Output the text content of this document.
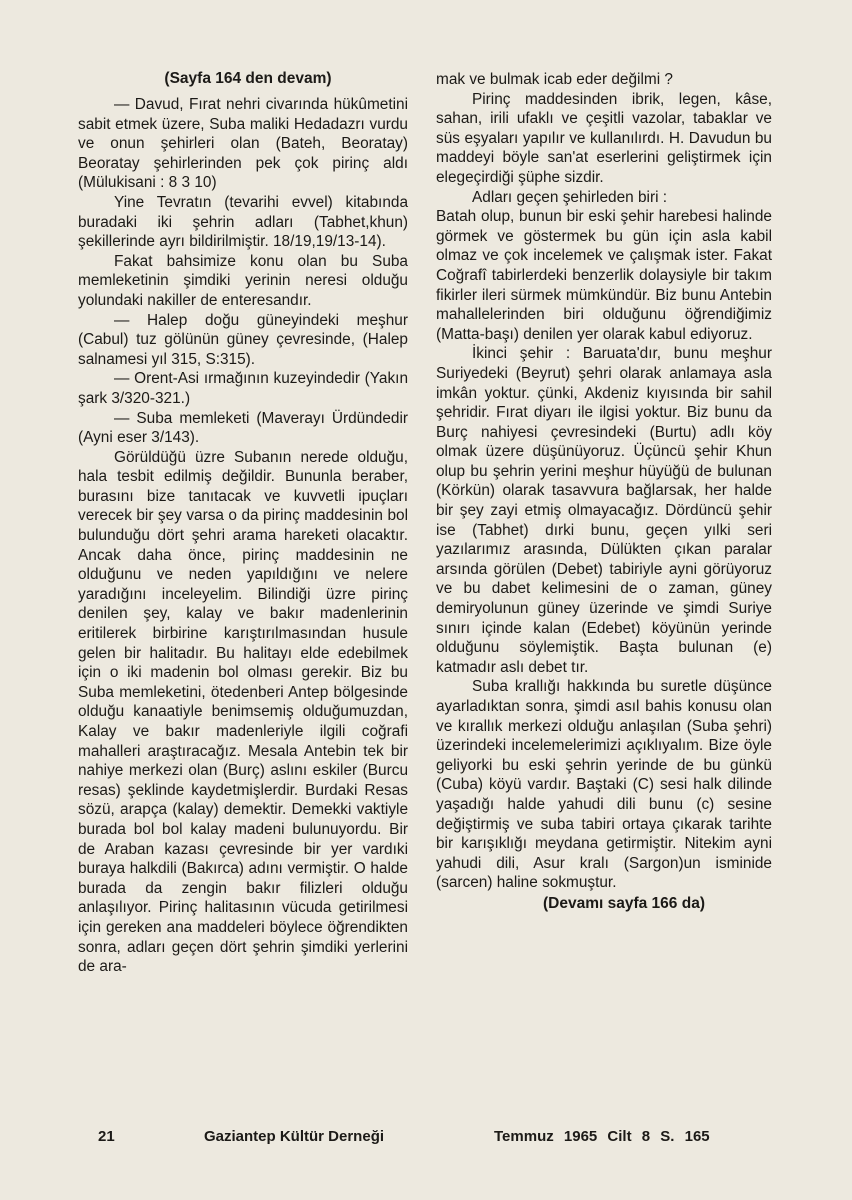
(Sayfa 164 den devam)

— Davud, Fırat nehri civarında hükûmetini sabit etmek üzere, Suba maliki Hedadazrı vurdu ve onun şehirleri olan (Bateh, Beoratay) Beoratay şehirlerinden pek çok pirinç aldı (Mülukisani : 8 3 10)

Yine Tevratın (tevarihi evvel) kitabında buradaki iki şehrin adları (Tabhet,khun) şekillerinde ayrı bildirilmiştir. 18/19,19/13-14).

Fakat bahsimize konu olan bu Suba memleketinin şimdiki yerinin neresi olduğu yolundaki nakiller de enteresandır.

— Halep doğu güneyindeki meşhur (Cabul) tuz gölünün güney çevresinde, (Halep salnamesi yıl 315, S:315).

— Orent-Asi ırmağının kuzeyindedir (Yakın şark 3/320-321.)

— Suba memleketi (Maverayı Ürdündedir (Ayni eser 3/143).

Görüldüğü üzre Subanın nerede olduğu, hala tesbit edilmiş değildir. Bununla beraber, burasını bize tanıtacak ve kuvvetli ipuçları verecek bir şey varsa o da pirinç maddesinin bol bulunduğu dört şehri arama hareketi olacaktır. Ancak daha önce, pirinç maddesinin ne olduğunu ve neden yapıldığını ve nelere yaradığını inceleyelim. Bilindiği üzre pirinç denilen şey, kalay ve bakır madenlerinin eritilerek birbirine karıştırılmasından husule gelen bir halitadır. Bu halitayı elde edebilmek için o iki madenin bol olması gerekir. Biz bu Suba memleketini, ötedenberi Antep bölgesinde olduğu kanaatiyle benimsemiş olduğumuzdan, Kalay ve bakır madenleriyle ilgili coğrafi mahalleri araştıracağız. Mesala Antebin tek bir nahiye merkezi olan (Burç) aslını eskiler (Burcu resas) şeklinde kaydetmişlerdir. Burdaki Resas sözü, arapça (kalay) demektir. Demekki vaktiyle burada bol bol kalay madeni bulunuyordu. Bir de Araban kazası çevresinde bir yer vardıki buraya halkdili (Bakırca) adını vermiştir. O halde burada da zengin bakır filizleri olduğu anlaşılıyor. Pirinç halitasının vücuda getirilmesi için gereken ana maddeleri böylece öğrendikten sonra, adları geçen dört şehrin şimdiki yerlerini de ara-

mak ve bulmak icab eder değilmi ?

Pirinç maddesinden ibrik, legen, kâse, sahan, irili ufaklı ve çeşitli vazolar, tabaklar ve süs eşyaları yapılır ve kullanılırdı. H. Davudun bu maddeyi böyle san'at eserlerini geliştirmek için elegeçirdiği şüphe sizdir.

Adları geçen şehirleden biri :

Batah olup, bunun bir eski şehir harebesi halinde görmek ve göstermek bu gün için asla kabil olmaz ve çok incelemek ve çalışmak ister. Fakat Coğrafî tabirlerdeki benzerlik dolaysiyle bir takım fikirler ileri sürmek mümkündür. Biz bunu Antebin mahallelerinden biri olduğunu öğrendiğimiz (Matta-başı) denilen yer olarak kabul ediyoruz.

İkinci şehir : Baruata'dır, bunu meşhur Suriyedeki (Beyrut) şehri olarak anlamaya asla imkân yoktur. çünki, Akdeniz kıyısında bir sahil şehridir. Fırat diyarı ile ilgisi yoktur. Biz bunu da Burç nahiyesi çevresindeki (Burtu) adlı köy olmak üzere düşünüyoruz. Üçüncü şehir Khun olup bu şehrin yerini meşhur hüyüğü de bulunan (Körkün) olarak tasavvura bağlarsak, her halde bir şey zayi etmiş olmayacağız. Dördüncü şehir ise (Tabhet) dırki bunu, geçen yılki seri yazılarımız arasında, Dülükten çıkan paralar arsında görülen (Debet) tabiriyle ayni görüyoruz ve bu dabet kelimesini de o zaman, güney demiryolunun güney üzerinde ve şimdi Suriye sınırı içinde kalan (Edebet) köyünün yerinde olduğunu söylemiştik. Başta bulunan (e) katmadır aslı debet tır.

Suba krallığı hakkında bu suretle düşünce ayarladıktan sonra, şimdi asıl bahis konusu olan ve kırallık merkezi olduğu anlaşılan (Suba şehri) üzerindeki incelemelerimizi açıklıyalım. Bize öyle geliyorki bu eski şehrin yerinde de bu günkü (Cuba) köyü vardır. Baştaki (C) sesi halk dilinde yaşadığı halde yahudi dili bunu (c) sesine değiştirmiş ve suba tabiri ortaya çıkarak tarihte bir karışıklığı meydana getirmiştir. Nitekim ayni yahudi dili, Asur kralı (Sargon)un isminide (sarcen) haline sokmuştur.

(Devamı sayfa 166 da)
21	Gaziantep Kültür Derneği	Temmuz 1965 Cilt 8 S. 165
